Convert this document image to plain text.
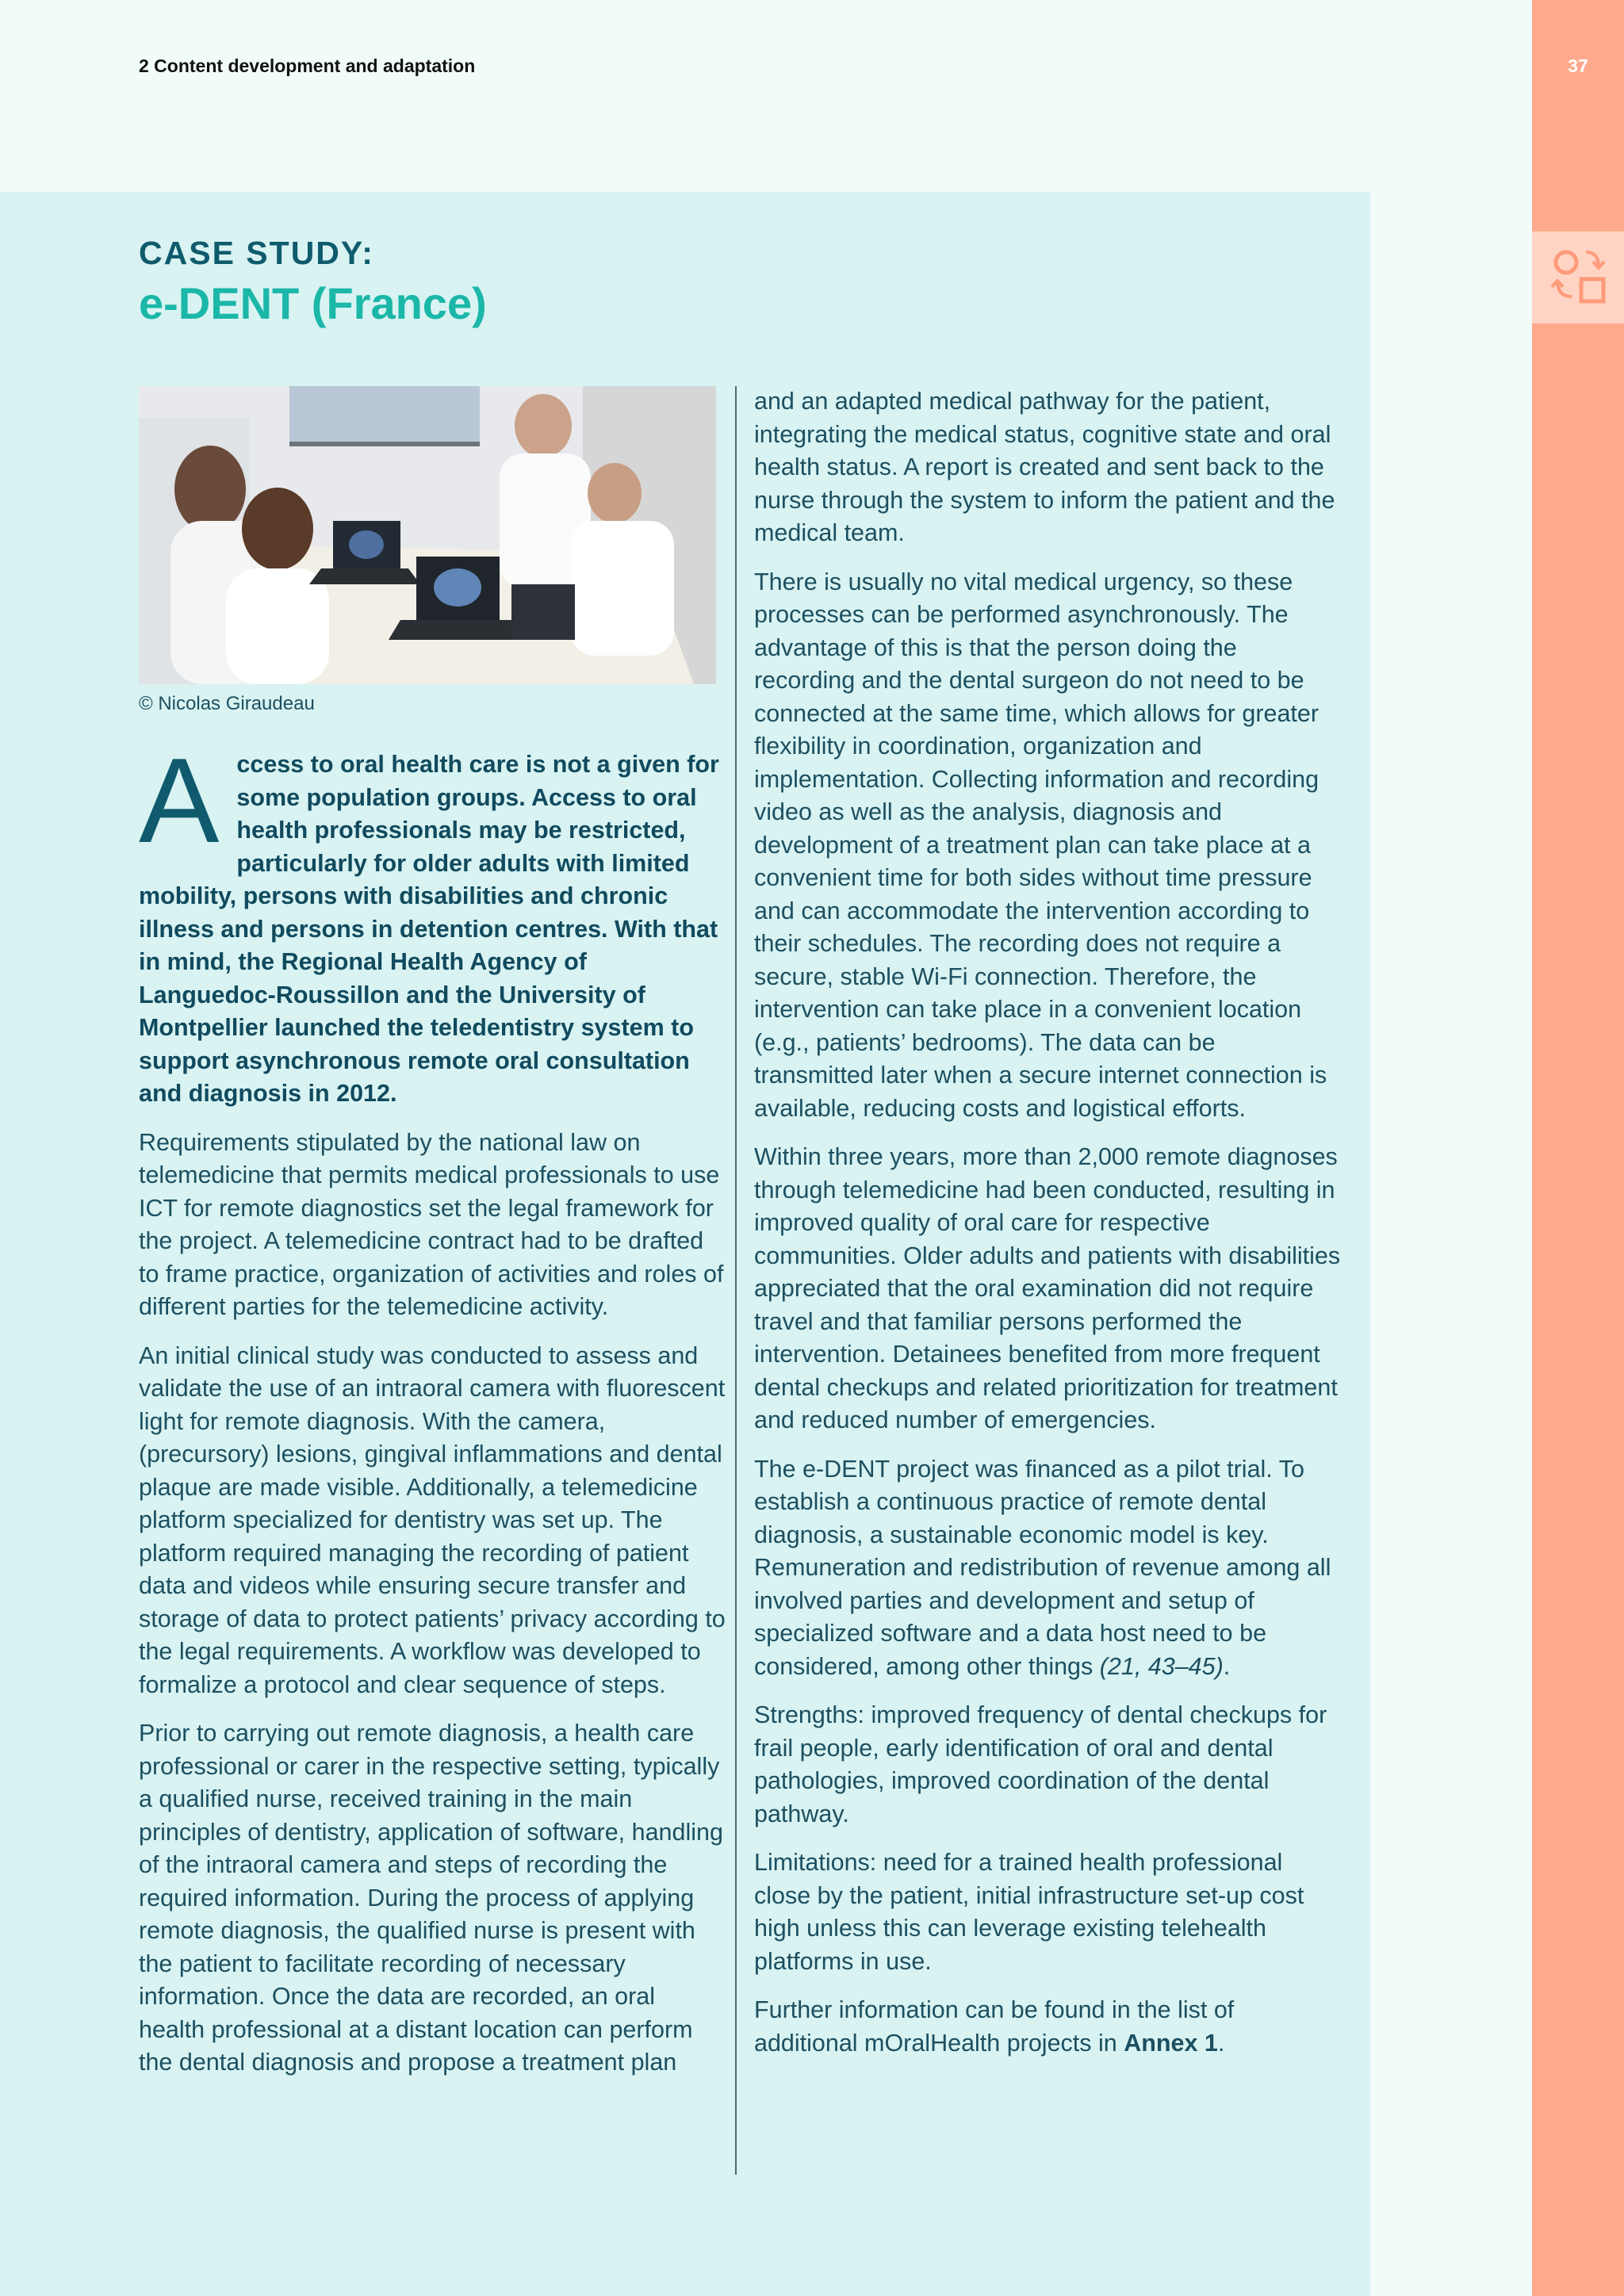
2 Content development and adaptation	37
CASE STUDY:
e-DENT (France)
© Nicolas Giraudeau

Access to oral health care is not a given for some population groups. Access to oral health professionals may be restricted, particularly for older adults with limited mobility, persons with disabilities and chronic illness and persons in detention centres. With that in mind, the Regional Health Agency of Languedoc-Roussillon and the University of Montpellier launched the teledentistry system to support asynchronous remote oral consultation and diagnosis in 2012.

Requirements stipulated by the national law on telemedicine that permits medical professionals to use ICT for remote diagnostics set the legal framework for the project. A telemedicine contract had to be drafted to frame practice, organization of activities and roles of different parties for the telemedicine activity.

An initial clinical study was conducted to assess and validate the use of an intraoral camera with fluorescent light for remote diagnosis. With the camera, (precursory) lesions, gingival inflammations and dental plaque are made visible. Additionally, a telemedicine platform specialized for dentistry was set up. The platform required managing the recording of patient data and videos while ensuring secure transfer and storage of data to protect patients’ privacy according to the legal requirements. A workflow was developed to formalize a protocol and clear sequence of steps.

Prior to carrying out remote diagnosis, a health care professional or carer in the respective setting, typically a qualified nurse, received training in the main principles of dentistry, application of software, handling of the intraoral camera and steps of recording the required information. During the process of applying remote diagnosis, the qualified nurse is present with the patient to facilitate recording of necessary information. Once the data are recorded, an oral health professional at a distant location can perform the dental diagnosis and propose a treatment plan

and an adapted medical pathway for the patient, integrating the medical status, cognitive state and oral health status. A report is created and sent back to the nurse through the system to inform the patient and the medical team.

There is usually no vital medical urgency, so these processes can be performed asynchronously. The advantage of this is that the person doing the recording and the dental surgeon do not need to be connected at the same time, which allows for greater flexibility in coordination, organization and implementation. Collecting information and recording video as well as the analysis, diagnosis and development of a treatment plan can take place at a convenient time for both sides without time pressure and can accommodate the intervention according to their schedules. The recording does not require a secure, stable Wi-Fi connection. Therefore, the intervention can take place in a convenient location (e.g., patients’ bedrooms). The data can be transmitted later when a secure internet connection is available, reducing costs and logistical efforts.

Within three years, more than 2,000 remote diagnoses through telemedicine had been conducted, resulting in improved quality of oral care for respective communities. Older adults and patients with disabilities appreciated that the oral examination did not require travel and that familiar persons performed the intervention. Detainees benefited from more frequent dental checkups and related prioritization for treatment and reduced number of emergencies.

The e-DENT project was financed as a pilot trial. To establish a continuous practice of remote dental diagnosis, a sustainable economic model is key. Remuneration and redistribution of revenue among all involved parties and development and setup of specialized software and a data host need to be considered, among other things (21, 43–45).

Strengths: improved frequency of dental checkups for frail people, early identification of oral and dental pathologies, improved coordination of the dental pathway.

Limitations: need for a trained health professional close by the patient, initial infrastructure set-up cost high unless this can leverage existing telehealth platforms in use.

Further information can be found in the list of additional mOralHealth projects in Annex 1.
